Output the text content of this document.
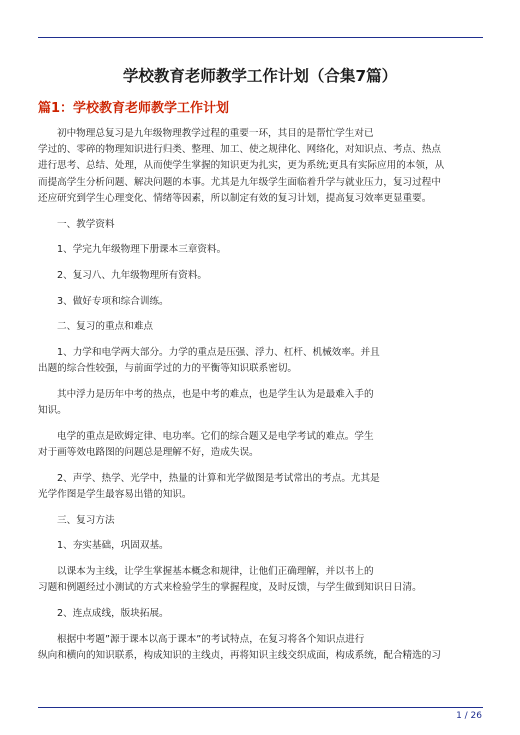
学校教育老师教学工作计划（合集7篇）
篇1：学校教育老师教学工作计划

初中物理总复习是九年级物理教学过程的重要一环，其目的是帮忙学生对已
学过的、零碎的物理知识进行归类、整理、加工、使之规律化、网络化，对知识点、考点、热点
进行思考、总结、处理，从而使学生掌握的知识更为扎实，更为系统;更具有实际应用的本领，从
而提高学生分析问题、解决问题的本事。尤其是九年级学生面临着升学与就业压力，复习过程中
还应研究到学生心理变化、情绪等因素，所以制定有效的复习计划，提高复习效率更显重要。

一、教学资料

1、学完九年级物理下册课本三章资料。

2、复习八、九年级物理所有资料。

3、做好专项和综合训练。

二、复习的重点和难点

1、力学和电学两大部分。力学的重点是压强、浮力、杠杆、机械效率。并且
出题的综合性较强，与前面学过的力的平衡等知识联系密切。

其中浮力是历年中考的热点，也是中考的难点，也是学生认为是最难入手的
知识。

电学的重点是欧姆定律、电功率。它们的综合题又是电学考试的难点。学生
对于画等效电路图的问题总是理解不好，造成失误。

2、声学、热学、光学中，热量的计算和光学做图是考试常出的考点。尤其是
光学作图是学生最容易出错的知识。

三、复习方法

1、夯实基础，巩固双基。

以课本为主线，让学生掌握基本概念和规律，让他们正确理解，并以书上的
习题和例题经过小测试的方式来检验学生的掌握程度，及时反馈，与学生做到知识日日清。

2、连点成线，版块拓展。

根据中考题”源于课本以高于课本”的考试特点，在复习将各个知识点进行
纵向和横向的知识联系，构成知识的主线贞，再将知识主线交织成面，构成系统，配合精选的习

1 / 26
